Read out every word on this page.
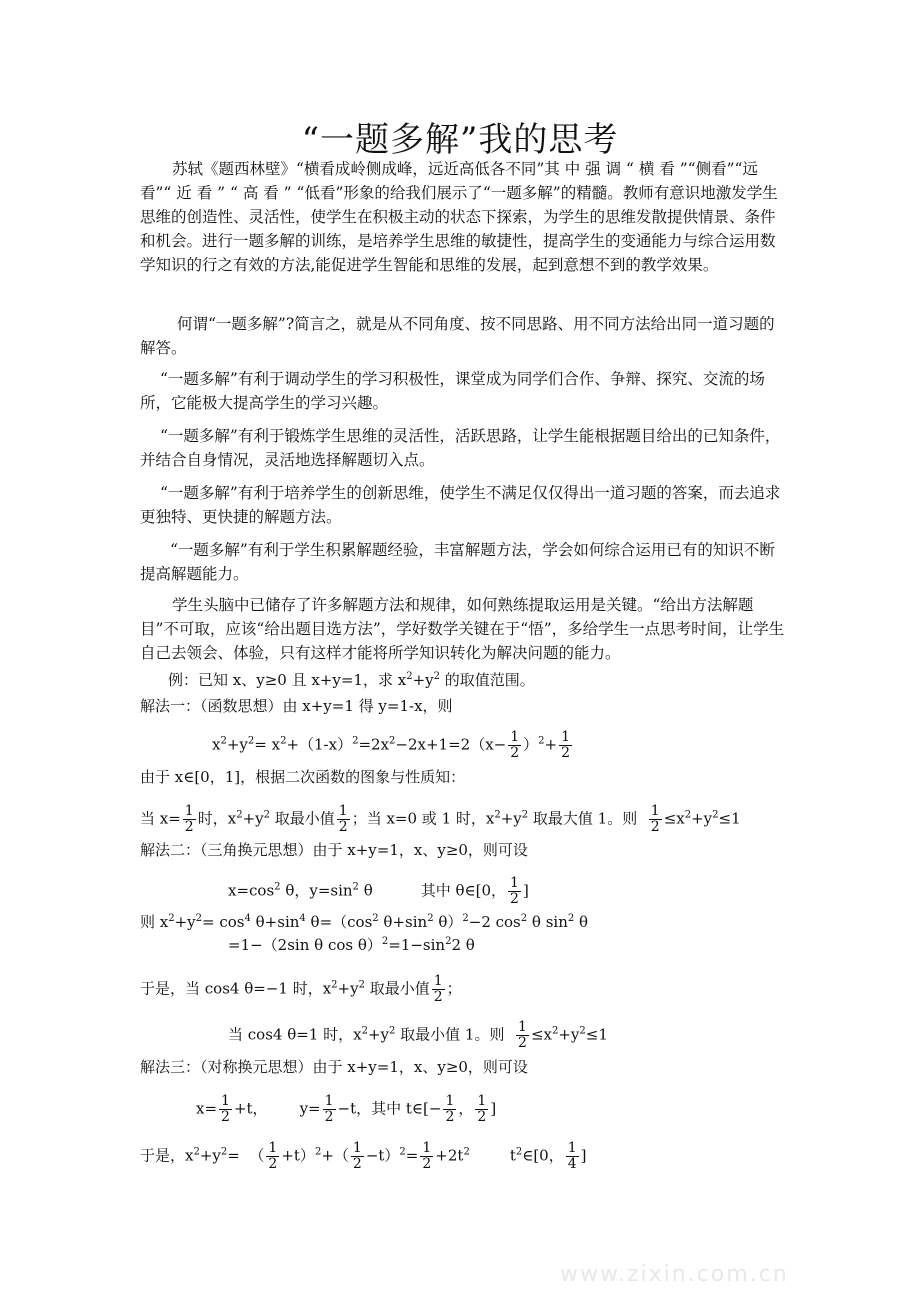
“一题多解”我的思考
苏轼《题西林壁》“横看成岭侧成峰，远近高低各不同”其 中 强 调 “ 横 看 ”“侧看”“远看”“ 近 看 ” “ 高 看 ” “低看”形象的给我们展示了“一题多解”的精髓。教师有意识地激发学生思维的创造性、灵活性，使学生在积极主动的状态下探索，为学生的思维发散提供情景、条件和机会。进行一题多解的训练，是培养学生思维的敏捷性，提高学生的变通能力与综合运用数学知识的行之有效的方法,能促进学生智能和思维的发展，起到意想不到的教学效果。
何谓“一题多解”?简言之，就是从不同角度、按不同思路、用不同方法给出同一道习题的解答。
“一题多解”有利于调动学生的学习积极性，课堂成为同学们合作、争辩、探究、交流的场所，它能极大提高学生的学习兴趣。
“一题多解”有利于锻炼学生思维的灵活性，活跃思路，让学生能根据题目给出的已知条件，并结合自身情况，灵活地选择解题切入点。
“一题多解”有利于培养学生的创新思维，使学生不满足仅仅得出一道习题的答案，而去追求更独特、更快捷的解题方法。
“一题多解”有利于学生积累解题经验，丰富解题方法，学会如何综合运用已有的知识不断提高解题能力。
学生头脑中已储存了许多解题方法和规律，如何熟练提取运用是关键。“给出方法解题目”不可取，应该“给出题目选方法”，学好数学关键在于“悟”，多给学生一点思考时间，让学生自己去领会、体验，只有这样才能将所学知识转化为解决问题的能力。
例：已知 x、y≥0 且 x+y=1，求 $x^2+y^2$ 的取值范围。
解法一：（函数思想）由 x+y=1 得 y=1-x，则
$x^2+y^2= x^2+(1-x)^2=2x^2-2x+1=2(x- \frac{1}{2} )^2+ \frac{1}{2}$
由于 x∈[0，1]，根据二次函数的图象与性质知：
当 $x= \frac{1}{2}$ 时，$x^2+y^2$ 取最小值 $\frac{1}{2}$ ；当 x=0 或 1 时，$x^2+y^2$ 取最大值 1。则 $\frac{1}{2} \le x^2+y^2\le 1$
解法二：（三角换元思想）由于 x+y=1，x、y≥0，则可设
$x=\cos^2$ θ，$y=\sin^2$ θ	其中 θ∈[0， $\frac{1}{2}$ ]
则 $x^2+y^2= \cos^4 \theta+\sin^4$ $\theta=(\cos^2$ $\theta+\sin^2$ θ）$^2$−2 $\cos^2 \theta$ $\sin^2 \theta$
=1−（2sin θ $\cos \theta)^2=1-\sin^22$ θ
于是，当 cos4 θ=−1 时，$x^2+y^2$ 取最小值 $\frac{1}{2}$ ；
当 cos4 θ=1 时，$x^2+y^2$ 取最小值 1。则 $\frac{1}{2} \le x^2+y^2\le 1$
解法三：（对称换元思想）由于 x+y=1，x、y≥0，则可设
$x= \frac{1}{2} +t$， $y= \frac{1}{2} -t$，其中 t∈[− $\frac{1}{2}$ ， $\frac{1}{2}$ ]
于是，$x^2+y^2=$ （ $\frac{1}{2} +t)^2+( \frac{1}{2} -t)^2= \frac{1}{2} +2t^2$	$t^2\in[0$， $\frac{1}{4}$ ]
www.zixin.com.cn
